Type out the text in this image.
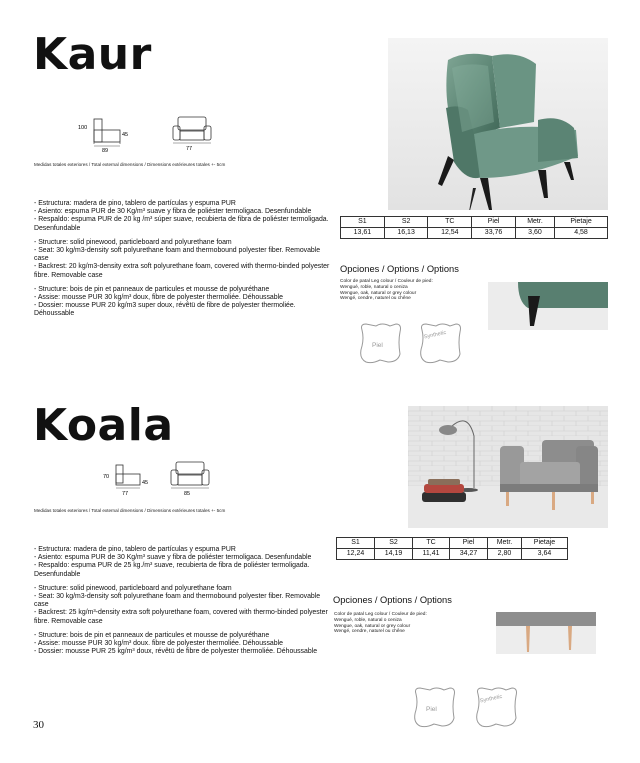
Kaur
100
45
89	77
Medidas totales exteriores / Total external dimensions / Dimensions extérieures totales +- 5cm

- Estructura: madera de pino, tablero de partículas y espuma PUR

- Asiento: espuma PUR de 30 Kg/m³ suave y fibra de poliéster termoligaca. Desenfundable

- Respaldo: espuma PUR de 20 kg /m³ súper suave, recubierta de fibra de poliéster termoligada. Desenfundable

- Structure: solid pinewood, particleboard and polyurethane foam

- Seat: 30 kg/m3-density soft polyurethane foam and thermobound polyester fiber. Removable case

- Backrest: 20 kg/m3-density extra soft polyurethane foam, covered with thermo-binded polyester fibre. Removable case

- Structure: bois de pin et panneaux de particules et mousse de polyuréthane

- Assise: mousse PUR 30 kg/m³ doux, fibre de polyester thermoliée. Déhoussable

- Dossier: mousse PUR 20 kg/m3 super doux, révêtü de fibre de polyester thermoliée. Déhoussable

S1	S2	TC	Piel	Metr.	Pietaje
13,61	16,13	12,54	33,76	3,60	4,58
Opciones / Options / Options

Color de patal Leg colour / Couleur de pied:

Wengué, roble, natural o ceniza

Wengue, oak, natural or grey colour

Wengé, cendre, naturel ou chêne

Piel
Synthetic
Koala
70
45
77	85
Medidas totales exteriores / Total external dimensions / Dimensions extérieures totales +- 5cm

- Estructura: madera de pino, tablero de partículas y espuma PUR

- Asiento: espuma PUR de 30 Kg/m³ suave y fibra de poliéster termoligaca. Desenfundable

- Respaldo: espuma PUR de 25 kg./m³ suave, recubierta de fibra de poliéster termoligada. Desenfundable

- Structure: solid pinewood, particleboard and polyurethane foam

- Seat: 30 kg/m3-density soft polyurethane foam and thermobound polyester fiber. Removable case

- Backrest: 25 kg/m³-density extra soft polyurethane foam, covered with thermo-binded polyester fibre. Removable case

- Structure: bois de pin et panneaux de particules et mousse de polyuréthane

- Assise: mousse PUR 30 kg/m³ doux. fibre de polyester thermoliée. Déhoussable

- Dossier: mousse PUR 25 kg/m³ doux, révêtü de fibre de polyester thermoliée. Déhoussable

S1	S2	TC	Piel	Metr.	Pietaje
12,24	14,19	11,41	34,27	2,80	3,64
Opciones / Options / Options

Color de patal Leg colour / Couleur de pied:

Wengué, roble, natural o ceniza

Wengue, oak, natural or grey colour

Wengé, cendre, naturel ou chêne

Piel
Synthetic
30
